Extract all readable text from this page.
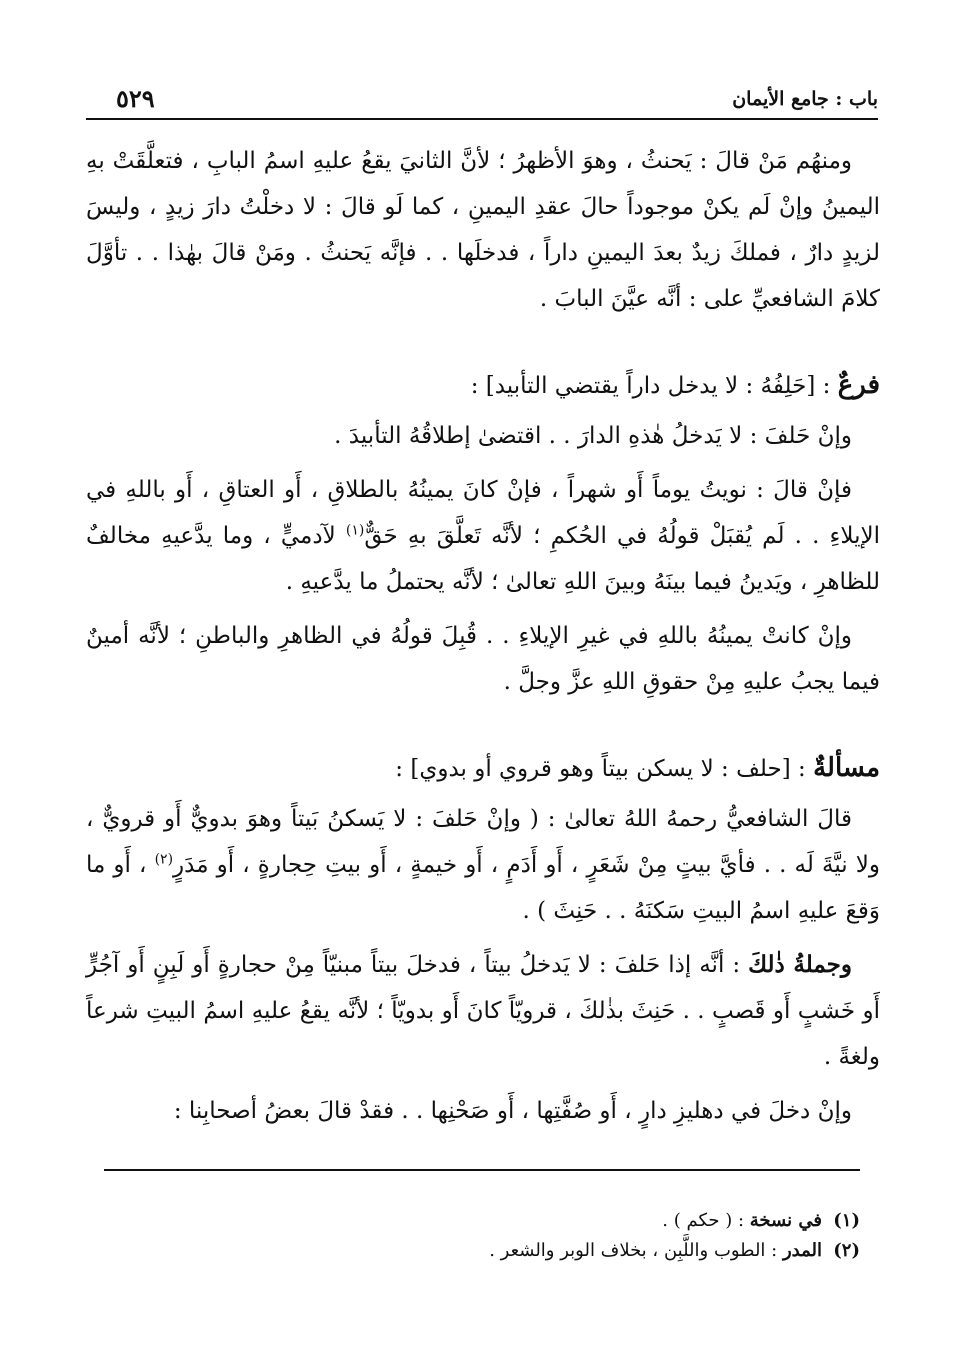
باب : جامع الأيمان
٥٢٩

ومنهُم مَنْ قالَ : يَحنثُ ، وهوَ الأظهرُ ؛ لأنَّ الثانيَ يقعُ عليهِ اسمُ البابِ ، فتعلَّقَتْ بهِ اليمينُ وإنْ لَم يكنْ موجوداً حالَ عقدِ اليمينِ ، كما لَو قالَ : لا دخلْتُ دارَ زيدٍ ، وليسَ لزيدٍ دارٌ ، فملكَ زيدٌ بعدَ اليمينِ داراً ، فدخلَها . . فإنَّه يَحنثُ . ومَنْ قالَ بهٰذا . . تأوَّلَ كلامَ الشافعيِّ على : أنَّه عيَّنَ البابَ .

فرعٌ : [حَلِفُهُ : لا يدخل داراً يقتضي التأبيد] :

وإنْ حَلفَ : لا يَدخلُ هٰذهِ الدارَ . . اقتضىٰ إطلاقُهُ التأبيدَ .

فإنْ قالَ : نويتُ يوماً أَو شهراً ، فإنْ كانَ يمينُهُ بالطلاقِ ، أَو العتاقِ ، أَو باللهِ في الإيلاءِ . . لَم يُقبَلْ قولُهُ في الحُكمِ ؛ لأنَّه تَعلَّقَ بهِ حَقٌّ$^{(١)}$ لآدميٍّ ، وما يدَّعيهِ مخالفٌ للظاهرِ ، ويَدينُ فيما بينَهُ وبينَ اللهِ تعالىٰ ؛ لأنَّه يحتملُ ما يدَّعيهِ .

وإنْ كانتْ يمينُهُ باللهِ في غيرِ الإيلاءِ . . قُبِلَ قولُهُ في الظاهرِ والباطنِ ؛ لأنَّه أمينٌ فيما يجبُ عليهِ مِنْ حقوقِ اللهِ عزَّ وجلَّ .

مسألةٌ : [حلف : لا يسكن بيتاً وهو قروي أو بدوي] :

قالَ الشافعيُّ رحمهُ اللهُ تعالىٰ : ( وإنْ حَلفَ : لا يَسكنُ بَيتاً وهوَ بدويٌّ أَو قرويٌّ ، ولا نيَّةَ لَه . . فأيَّ بيتٍ مِنْ شَعَرٍ ، أَو أَدَمٍ ، أَو خيمةٍ ، أَو بيتِ حِجارةٍ ، أَو مَدَرٍ$^{(٢)}$ ، أَو ما وَقعَ عليهِ اسمُ البيتِ سَكنَهُ . . حَنِثَ ) .

وجملةُ ذٰلكَ : أنَّه إذا حَلفَ : لا يَدخلُ بيتاً ، فدخلَ بيتاً مبنيّاً مِنْ حجارةٍ أَو لَبِنٍ أَو آجُرٍّ أَو خَشبٍ أَو قَصبٍ . . حَنِثَ بذٰلكَ ، قرويّاً كانَ أَو بدويّاً ؛ لأنَّه يقعُ عليهِ اسمُ البيتِ شرعاً ولغةً .

وإنْ دخلَ في دهليزِ دارٍ ، أَو صُفَّتِها ، أَو صَحْنِها . . فقدْ قالَ بعضُ أصحابِنا :

(١)في نسخة : ( حكم ) .

(٢)المدر : الطوب واللَّبِن ، بخلاف الوبر والشعر .
